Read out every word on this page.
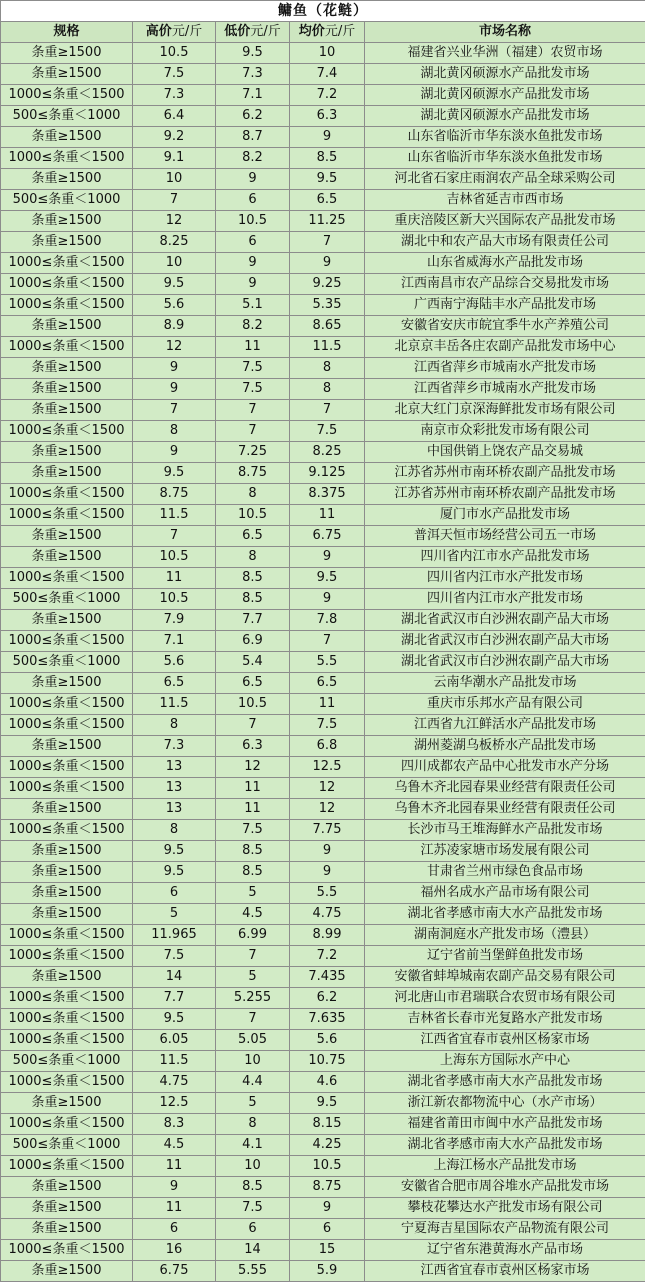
鳙鱼（花鲢）				
规格	高价元/斤	低价元/斤	均价元/斤	市场名称
条重≥1500	10.5	9.5	10	福建省兴业华洲（福建）农贸市场
条重≥1500	7.5	7.3	7.4	湖北黄冈硕源水产品批发市场
1000≤条重＜1500	7.3	7.1	7.2	湖北黄冈硕源水产品批发市场
500≤条重＜1000	6.4	6.2	6.3	湖北黄冈硕源水产品批发市场
条重≥1500	9.2	8.7	9	山东省临沂市华东淡水鱼批发市场
1000≤条重＜1500	9.1	8.2	8.5	山东省临沂市华东淡水鱼批发市场
条重≥1500	10	9	9.5	河北省石家庄雨润农产品全球采购公司
500≤条重＜1000	7	6	6.5	吉林省延吉市西市场
条重≥1500	12	10.5	11.25	重庆涪陵区新大兴国际农产品批发市场
条重≥1500	8.25	6	7	湖北中和农产品大市场有限责任公司
1000≤条重＜1500	10	9	9	山东省威海水产品批发市场
1000≤条重＜1500	9.5	9	9.25	江西南昌市农产品综合交易批发市场
1000≤条重＜1500	5.6	5.1	5.35	广西南宁海陆丰水产品批发市场
条重≥1500	8.9	8.2	8.65	安徽省安庆市皖宜季牛水产养殖公司
1000≤条重＜1500	12	11	11.5	北京京丰岳各庄农副产品批发市场中心
条重≥1500	9	7.5	8	江西省萍乡市城南水产批发市场
条重≥1500	9	7.5	8	江西省萍乡市城南水产批发市场
条重≥1500	7	7	7	北京大红门京深海鲜批发市场有限公司
1000≤条重＜1500	8	7	7.5	南京市众彩批发市场有限公司
条重≥1500	9	7.25	8.25	中国供销上饶农产品交易城
条重≥1500	9.5	8.75	9.125	江苏省苏州市南环桥农副产品批发市场
1000≤条重＜1500	8.75	8	8.375	江苏省苏州市南环桥农副产品批发市场
1000≤条重＜1500	11.5	10.5	11	厦门市水产品批发市场
条重≥1500	7	6.5	6.75	普洱天恒市场经营公司五一市场
条重≥1500	10.5	8	9	四川省内江市水产品批发市场
1000≤条重＜1500	11	8.5	9.5	四川省内江市水产批发市场
500≤条重＜1000	10.5	8.5	9	四川省内江市水产批发市场
条重≥1500	7.9	7.7	7.8	湖北省武汉市白沙洲农副产品大市场
1000≤条重＜1500	7.1	6.9	7	湖北省武汉市白沙洲农副产品大市场
500≤条重＜1000	5.6	5.4	5.5	湖北省武汉市白沙洲农副产品大市场
条重≥1500	6.5	6.5	6.5	云南华潮水产品批发市场
1000≤条重＜1500	11.5	10.5	11	重庆市乐邦水产品有限公司
1000≤条重＜1500	8	7	7.5	江西省九江鲜活水产品批发市场
条重≥1500	7.3	6.3	6.8	湖州菱湖乌板桥水产品批发市场
1000≤条重＜1500	13	12	12.5	四川成都农产品中心批发市水产分场
1000≤条重＜1500	13	11	12	乌鲁木齐北园春果业经营有限责任公司
条重≥1500	13	11	12	乌鲁木齐北园春果业经营有限责任公司
1000≤条重＜1500	8	7.5	7.75	长沙市马王堆海鲜水产品批发市场
条重≥1500	9.5	8.5	9	江苏凌家塘市场发展有限公司
条重≥1500	9.5	8.5	9	甘肃省兰州市绿色食品市场
条重≥1500	6	5	5.5	福州名成水产品市场有限公司
条重≥1500	5	4.5	4.75	湖北省孝感市南大水产品批发市场
1000≤条重＜1500	11.965	6.99	8.99	湖南洞庭水产批发市场（澧县）
1000≤条重＜1500	7.5	7	7.2	辽宁省前当堡鲜鱼批发市场
条重≥1500	14	5	7.435	安徽省蚌埠城南农副产品交易有限公司
1000≤条重＜1500	7.7	5.255	6.2	河北唐山市君瑞联合农贸市场有限公司
1000≤条重＜1500	9.5	7	7.635	吉林省长春市光复路水产批发市场
1000≤条重＜1500	6.05	5.05	5.6	江西省宜春市袁州区杨家市场
500≤条重＜1000	11.5	10	10.75	上海东方国际水产中心
1000≤条重＜1500	4.75	4.4	4.6	湖北省孝感市南大水产品批发市场
条重≥1500	12.5	5	9.5	浙江新农都物流中心（水产市场）
1000≤条重＜1500	8.3	8	8.15	福建省莆田市闽中水产品批发市场
500≤条重＜1000	4.5	4.1	4.25	湖北省孝感市南大水产品批发市场
1000≤条重＜1500	11	10	10.5	上海江杨水产品批发市场
条重≥1500	9	8.5	8.75	安徽省合肥市周谷堆水产品批发市场
条重≥1500	11	7.5	9	攀枝花攀达水产批发市场有限公司
条重≥1500	6	6	6	宁夏海吉星国际农产品物流有限公司
1000≤条重＜1500	16	14	15	辽宁省东港黄海水产品市场
条重≥1500	6.75	5.55	5.9	江西省宜春市袁州区杨家市场
